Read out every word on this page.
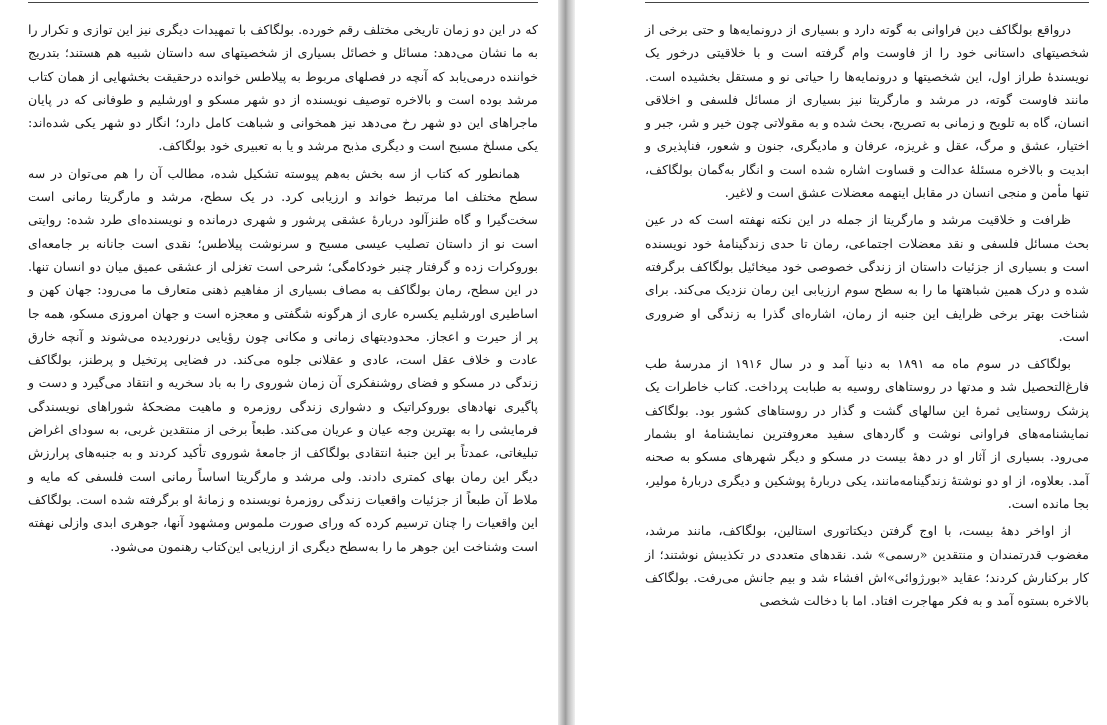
که در این دو زمان تاریخی مختلف رقم خورده. بولگاکف با تمهیدات دیگری نیز این توازی و تکرار را به ما نشان می‌دهد: مسائل و خصائل بسیاری از شخصیتهای سه داستان شبیه هم هستند؛ بتدریج خواننده درمی‌یابد که آنچه در فصلهای مربوط به پیلاطس خوانده درحقیقت بخشهایی از همان کتاب مرشد بوده است و بالاخره توصیف نویسنده از دو شهر مسکو و اورشلیم و طوفانی که در پایان ماجراهای این دو شهر رخ می‌دهد نیز همخوانی و شباهت کامل دارد؛ انگار دو شهر یکی شده‌اند: یکی مسلخ مسیح است و دیگری مذبح مرشد و یا به تعبیری خود بولگاکف.

همانطور که کتاب از سه بخش به‌هم پیوسته تشکیل شده، مطالب آن را هم می‌توان در سه سطح مختلف اما مرتبط خواند و ارزیابی کرد. در یک سطح، مرشد و مارگریتا رمانی است سخت‌گیرا و گاه طنزآلود دربارهٔ عشقی پرشور و شهری درمانده و نویسنده‌ای طرد شده: روایتی است نو از داستان تصلیب عیسی مسیح و سرنوشت پیلاطس؛ نقدی است جانانه بر جامعه‌ای بوروکرات زده و گرفتار چنبر خودکامگی؛ شرحی است تغزلی از عشقی عمیق میان دو انسان تنها. در این سطح، رمان بولگاکف به مصاف بسیاری از مفاهیم ذهنی متعارف ما می‌رود: جهان کهن و اساطیری اورشلیم یکسره عاری از هرگونه شگفتی و معجزه است و جهان امروزی مسکو، همه جا پر از حیرت و اعجاز. محدودیتهای زمانی و مکانی چون رؤیایی درنوردیده می‌شوند و آنچه خارق عادت و خلاف عقل است، عادی و عقلانی جلوه می‌کند. در فضایی پرتخیل و پرطنز، بولگاکف زندگی در مسکو و فضای روشنفکری آن زمان شوروی را به باد سخریه و انتقاد می‌گیرد و دست و پاگیری نهادهای بوروکراتیک و دشواری زندگی روزمره و ماهیت مضحکهٔ شوراهای نویسندگی فرمایشی را به بهترین وجه عیان و عریان می‌کند. طبعاً برخی از منتقدین غربی، به سودای اغراض تبلیغاتی، عمدتاً بر این جنبهٔ انتقادی بولگاکف از جامعهٔ شوروی تأکید کردند و به جنبه‌های پرارزش دیگر این رمان بهای کمتری دادند. ولی مرشد و مارگریتا اساساً رمانی است فلسفی که مایه و ملاط آن طبعاً از جزئیات واقعیات زندگی روزمرهٔ نویسنده و زمانهٔ او برگرفته شده است. بولگاکف این واقعیات را چنان ترسیم کرده که ورای صورت ملموس ومشهود آنها، جوهری ابدی وازلی نهفته است وشناخت این جوهر ما را به‌سطح دیگری از ارزیابی این‌کتاب رهنمون می‌شود.

درواقع بولگاکف دین فراوانی به گوته دارد و بسیاری از درونمایه‌ها و حتی برخی از شخصیتهای داستانی خود را از فاوست وام گرفته است و با خلاقیتی درخور یک نویسندهٔ طراز اول، این شخصیتها و درونمایه‌ها را حیاتی نو و مستقل بخشیده است. مانند فاوست گوته، در مرشد و مارگریتا نیز بسیاری از مسائل فلسفی و اخلاقی انسان، گاه به تلویح و زمانی به تصریح، بحث شده و به مقولاتی چون خیر و شر، جبر و اختیار، عشق و مرگ، عقل و غریزه، عرفان و مادیگری، جنون و شعور، فناپذیری و ابدیت و بالاخره مسئلهٔ عدالت و قساوت اشاره شده است و انگار به‌گمان بولگاکف، تنها مأمن و منجی انسان در مقابل اینهمه معضلات عشق است و لاغیر.

ظرافت و خلاقیت مرشد و مارگریتا از جمله در این نکته نهفته است که در عین بحث مسائل فلسفی و نقد معضلات اجتماعی، رمان تا حدی زندگینامهٔ خود نویسنده است و بسیاری از جزئیات داستان از زندگی خصوصی خود میخائیل بولگاکف برگرفته شده و درک همین شباهتها ما را به سطح سوم ارزیابی این رمان نزدیک می‌کند. برای شناخت بهتر برخی ظرایف این جنبه از رمان، اشاره‌ای گذرا به زندگی او ضروری است.

بولگاکف در سوم ماه مه ۱۸۹۱ به دنیا آمد و در سال ۱۹۱۶ از مدرسهٔ طب فارغ‌التحصیل شد و مدتها در روستاهای روسیه به طبابت پرداخت. کتاب خاطرات یک پزشک روستایی ثمرهٔ این سالهای گشت و گذار در روستاهای کشور بود. بولگاکف نمایشنامه‌های فراوانی نوشت و گاردهای سفید معروفترین نمایشنامهٔ او بشمار می‌رود. بسیاری از آثار او در دههٔ بیست در مسکو و دیگر شهرهای مسکو به صحنه آمد. بعلاوه، از او دو نوشتهٔ زندگینامه‌مانند، یکی دربارهٔ پوشکین و دیگری دربارهٔ مولیر، بجا مانده است.

از اواخر دههٔ بیست، با اوج گرفتن دیکتاتوری استالین، بولگاکف، مانند مرشد، مغضوب قدرتمندان و منتقدین «رسمی» شد. نقدهای متعددی در تکذیبش نوشتند؛ از کار برکنارش کردند؛ عقاید «بورژوائی»اش افشاء شد و بیم جانش می‌رفت. بولگاکف بالاخره بستوه آمد و به فکر مهاجرت افتاد. اما با دخالت شخصی
